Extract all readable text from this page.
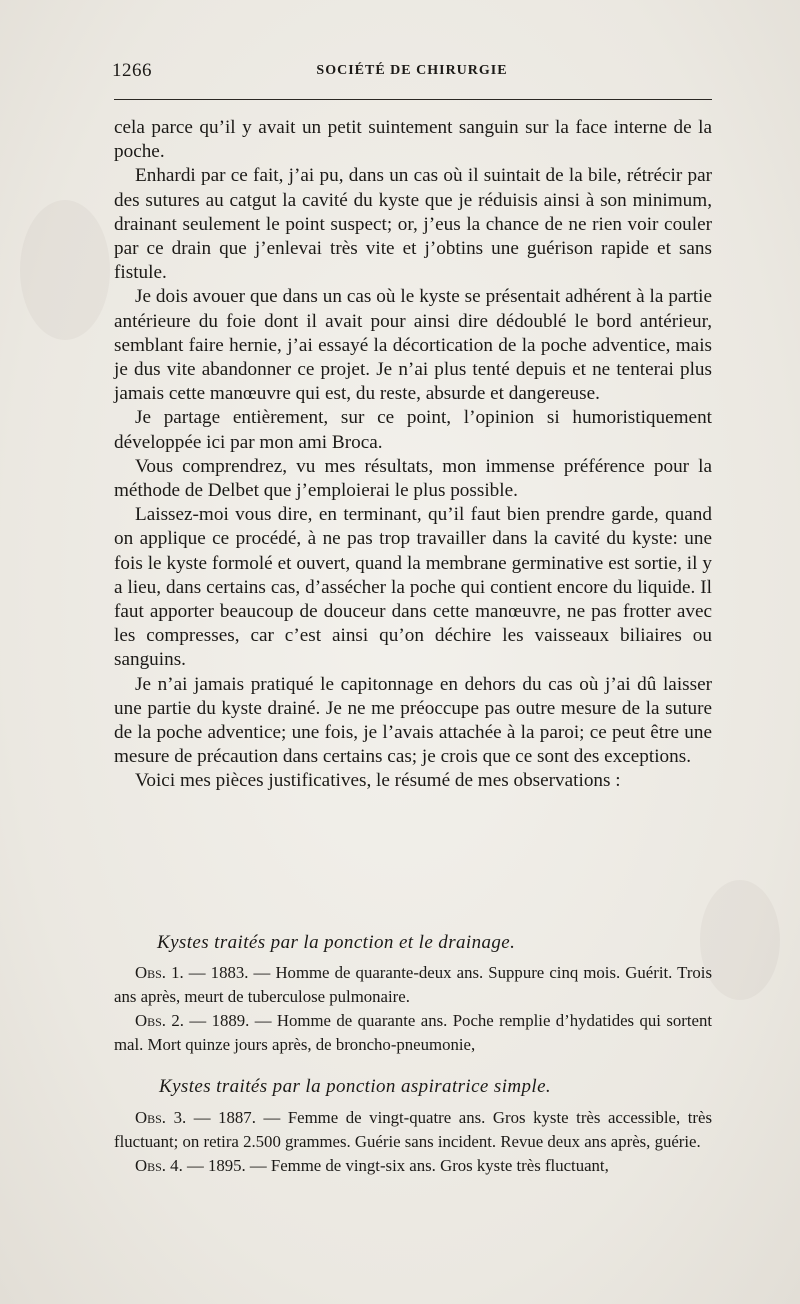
1266	SOCIÉTÉ DE CHIRURGIE

cela parce qu’il y avait un petit suintement sanguin sur la face interne de la poche.

Enhardi par ce fait, j’ai pu, dans un cas où il suintait de la bile, rétrécir par des sutures au catgut la cavité du kyste que je réduisis ainsi à son minimum, drainant seulement le point suspect; or, j’eus la chance de ne rien voir couler par ce drain que j’enlevai très vite et j’obtins une guérison rapide et sans fistule.

Je dois avouer que dans un cas où le kyste se présentait adhérent à la partie antérieure du foie dont il avait pour ainsi dire dédoublé le bord antérieur, semblant faire hernie, j’ai essayé la décortication de la poche adventice, mais je dus vite abandonner ce projet. Je n’ai plus tenté depuis et ne tenterai plus jamais cette manœuvre qui est, du reste, absurde et dangereuse.

Je partage entièrement, sur ce point, l’opinion si humoristiquement développée ici par mon ami Broca.

Vous comprendrez, vu mes résultats, mon immense préférence pour la méthode de Delbet que j’emploierai le plus possible.

Laissez-moi vous dire, en terminant, qu’il faut bien prendre garde, quand on applique ce procédé, à ne pas trop travailler dans la cavité du kyste: une fois le kyste formolé et ouvert, quand la membrane germinative est sortie, il y a lieu, dans certains cas, d’assécher la poche qui contient encore du liquide. Il faut apporter beaucoup de douceur dans cette manœuvre, ne pas frotter avec les compresses, car c’est ainsi qu’on déchire les vaisseaux biliaires ou sanguins.

Je n’ai jamais pratiqué le capitonnage en dehors du cas où j’ai dû laisser une partie du kyste drainé. Je ne me préoccupe pas outre mesure de la suture de la poche adventice; une fois, je l’avais attachée à la paroi; ce peut être une mesure de précaution dans certains cas; je crois que ce sont des exceptions.

Voici mes pièces justificatives, le résumé de mes observations :

Kystes traités par la ponction et le drainage.

Obs. 1. — 1883. — Homme de quarante-deux ans. Suppure cinq mois. Guérit. Trois ans après, meurt de tuberculose pulmonaire.

Obs. 2. — 1889. — Homme de quarante ans. Poche remplie d’hydatides qui sortent mal. Mort quinze jours après, de broncho-pneumonie,

Kystes traités par la ponction aspiratrice simple.

Obs. 3. — 1887. — Femme de vingt-quatre ans. Gros kyste très accessible, très fluctuant; on retira 2.500 grammes. Guérie sans incident. Revue deux ans après, guérie.

Obs. 4. — 1895. — Femme de vingt-six ans. Gros kyste très fluctuant,
